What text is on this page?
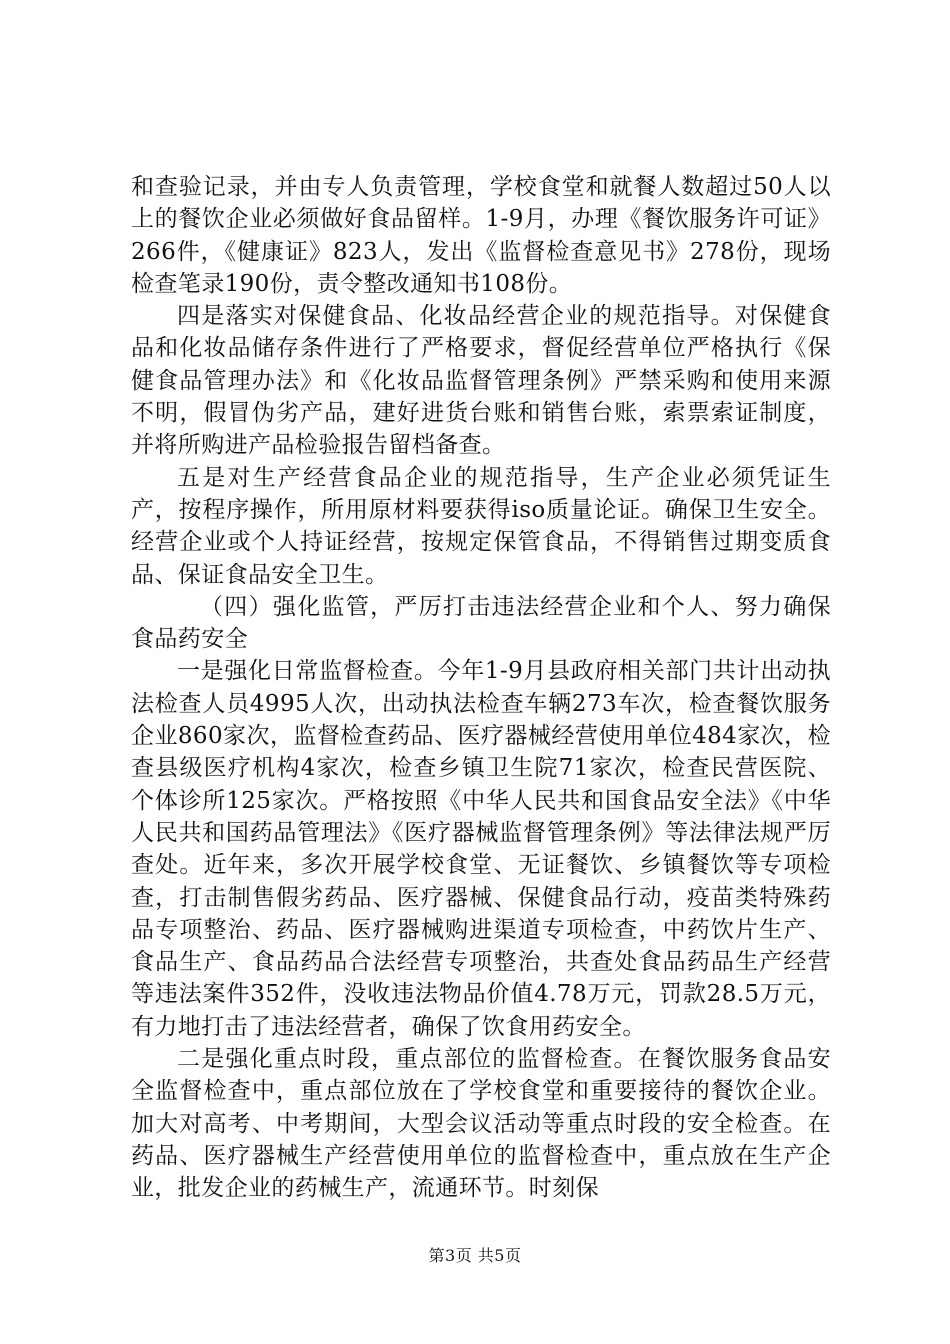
和查验记录，并由专人负责管理，学校食堂和就餐人数超过50人以上的餐饮企业必须做好食品留样。1-9月，办理《餐饮服务许可证》266件，《健康证》823人，发出《监督检查意见书》278份，现场检查笔录190份，责令整改通知书108份。

四是落实对保健食品、化妆品经营企业的规范指导。对保健食品和化妆品储存条件进行了严格要求，督促经营单位严格执行《保健食品管理办法》和《化妆品监督管理条例》严禁采购和使用来源不明，假冒伪劣产品，建好进货台账和销售台账，索票索证制度，并将所购进产品检验报告留档备查。

五是对生产经营食品企业的规范指导，生产企业必须凭证生产，按程序操作，所用原材料要获得iso质量论证。确保卫生安全。经营企业或个人持证经营，按规定保管食品，不得销售过期变质食品、保证食品安全卫生。

（四）强化监管，严厉打击违法经营企业和个人、努力确保食品药安全

一是强化日常监督检查。今年1-9月县政府相关部门共计出动执法检查人员4995人次，出动执法检查车辆273车次，检查餐饮服务企业860家次，监督检查药品、医疗器械经营使用单位484家次，检查县级医疗机构4家次，检查乡镇卫生院71家次，检查民营医院、个体诊所125家次。严格按照《中华人民共和国食品安全法》《中华人民共和国药品管理法》《医疗器械监督管理条例》等法律法规严厉查处。近年来，多次开展学校食堂、无证餐饮、乡镇餐饮等专项检查，打击制售假劣药品、医疗器械、保健食品行动，疫苗类特殊药品专项整治、药品、医疗器械购进渠道专项检查，中药饮片生产、食品生产、食品药品合法经营专项整治，共查处食品药品生产经营等违法案件352件，没收违法物品价值4.78万元，罚款28.5万元，有力地打击了违法经营者，确保了饮食用药安全。

二是强化重点时段，重点部位的监督检查。在餐饮服务食品安全监督检查中，重点部位放在了学校食堂和重要接待的餐饮企业。加大对高考、中考期间，大型会议活动等重点时段的安全检查。在药品、医疗器械生产经营使用单位的监督检查中，重点放在生产企业，批发企业的药械生产，流通环节。时刻保

第3页 共5页
